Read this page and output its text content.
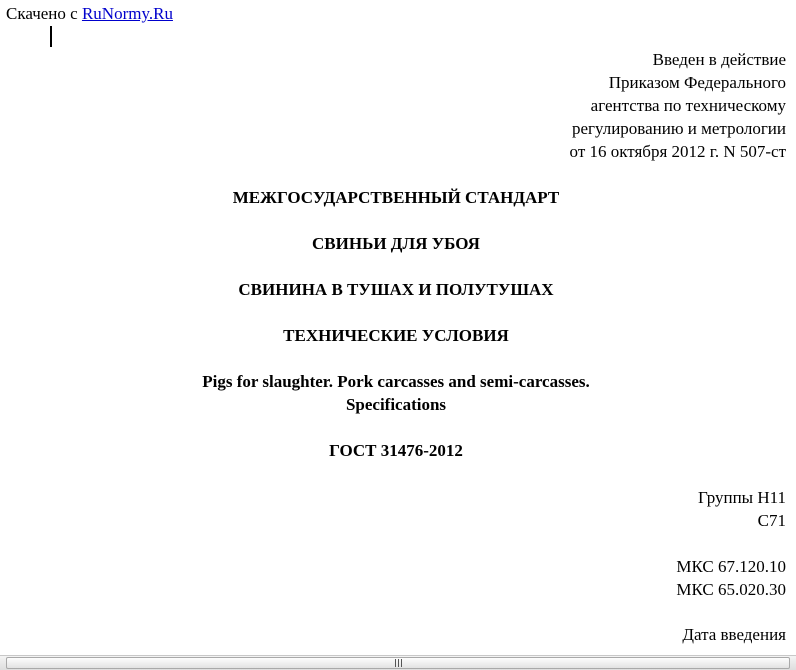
Скачено с RuNormy.Ru
Введен в действие
Приказом Федерального
агентства по техническому
регулированию и метрологии
от 16 октября 2012 г. N 507-ст
МЕЖГОСУДАРСТВЕННЫЙ СТАНДАРТ
СВИНЬИ ДЛЯ УБОЯ
СВИНИНА В ТУШАХ И ПОЛУТУШАХ
ТЕХНИЧЕСКИЕ УСЛОВИЯ
Pigs for slaughter. Pork carcasses and semi-carcasses.
Specifications
ГОСТ 31476-2012
Группы Н11
С71
МКС 67.120.10
МКС 65.020.30
Дата введения
